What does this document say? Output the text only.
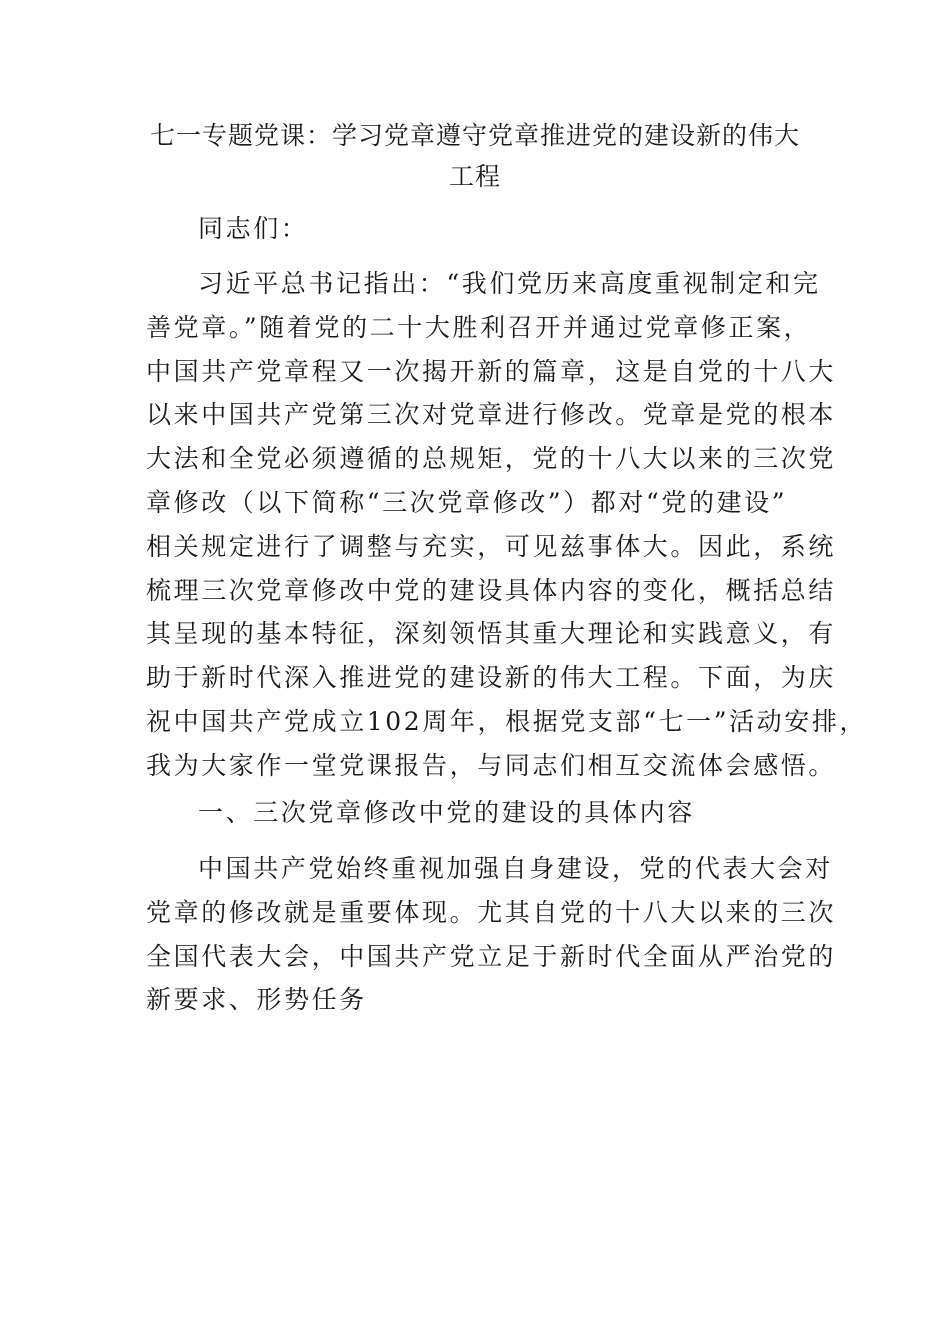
七一专题党课：学习党章遵守党章推进党的建设新的伟大
工程

同志们：

习近平总书记指出：“我们党历来高度重视制定和完
善党章。”随着党的二十大胜利召开并通过党章修正案，
中国共产党章程又一次揭开新的篇章，这是自党的十八大
以来中国共产党第三次对党章进行修改。党章是党的根本
大法和全党必须遵循的总规矩，党的十八大以来的三次党
章修改（以下简称“三次党章修改”）都对“党的建设”
相关规定进行了调整与充实，可见兹事体大。因此，系统
梳理三次党章修改中党的建设具体内容的变化，概括总结
其呈现的基本特征，深刻领悟其重大理论和实践意义，有
助于新时代深入推进党的建设新的伟大工程。下面，为庆
祝中国共产党成立102周年，根据党支部“七一”活动安排，
我为大家作一堂党课报告，与同志们相互交流体会感悟。

一、三次党章修改中党的建设的具体内容

中国共产党始终重视加强自身建设，党的代表大会对
党章的修改就是重要体现。尤其自党的十八大以来的三次
全国代表大会，中国共产党立足于新时代全面从严治党的
新要求、形势任务
